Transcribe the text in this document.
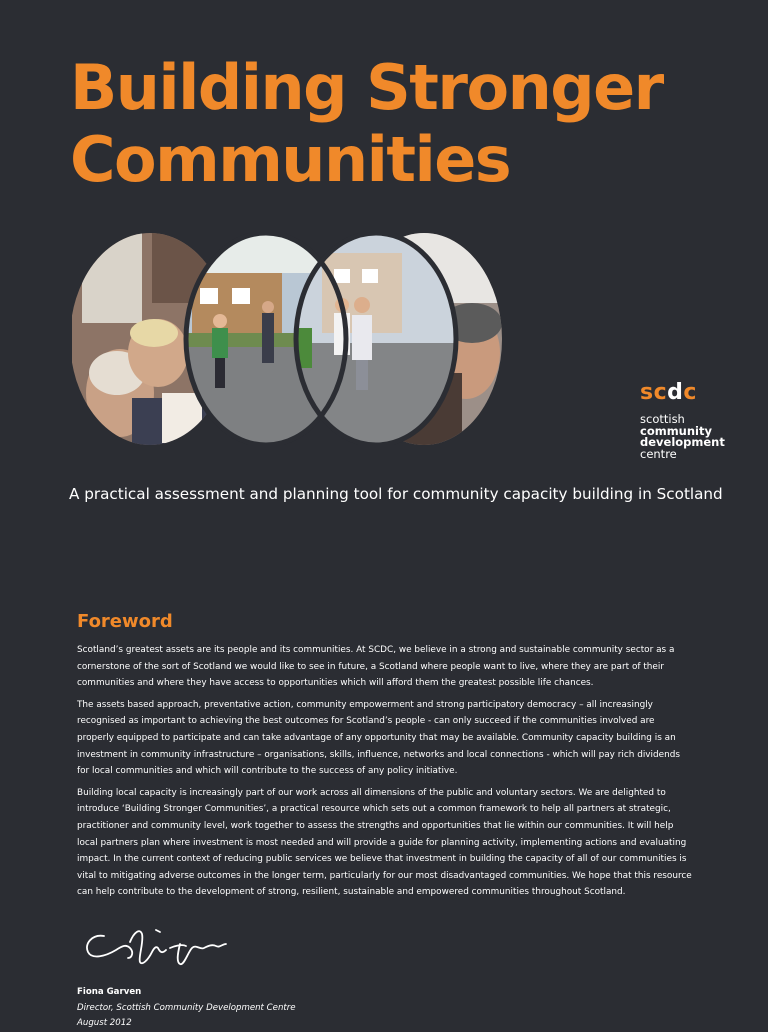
Building Stronger
Communities
scdc
scottish
community
development
centre
A practical assessment and planning tool for community capacity building in Scotland
Foreword

Scotland’s greatest assets are its people and its communities. At SCDC, we believe in a strong and sustainable community sector as a cornerstone of the sort of Scotland we would like to see in future, a Scotland where people want to live, where they are part of their communities and where they have access to opportunities which will afford them the greatest possible life chances.

The assets based approach, preventative action, community empowerment and strong participatory democracy – all increasingly recognised as important to achieving the best outcomes for Scotland’s people - can only succeed if the communities involved are properly equipped to participate and can take advantage of any opportunity that may be available. Community capacity building is an investment in community infrastructure – organisations, skills, influence, networks and local connections - which will pay rich dividends for local communities and which will contribute to the success of any policy initiative.

Building local capacity is increasingly part of our work across all dimensions of the public and voluntary sectors. We are delighted to introduce ‘Building Stronger Communities’, a practical resource which sets out a common framework to help all partners at strategic, practitioner and community level, work together to assess the strengths and opportunities that lie within our communities. It will help local partners plan where investment is most needed and will provide a guide for planning activity, implementing actions and evaluating impact. In the current context of reducing public services we believe that investment in building the capacity of all of our communities is vital to mitigating adverse outcomes in the longer term, particularly for our most disadvantaged communities. We hope that this resource can help contribute to the development of strong, resilient, sustainable and empowered communities throughout Scotland.

Fiona Garven
Director, Scottish Community Development Centre
August 2012
